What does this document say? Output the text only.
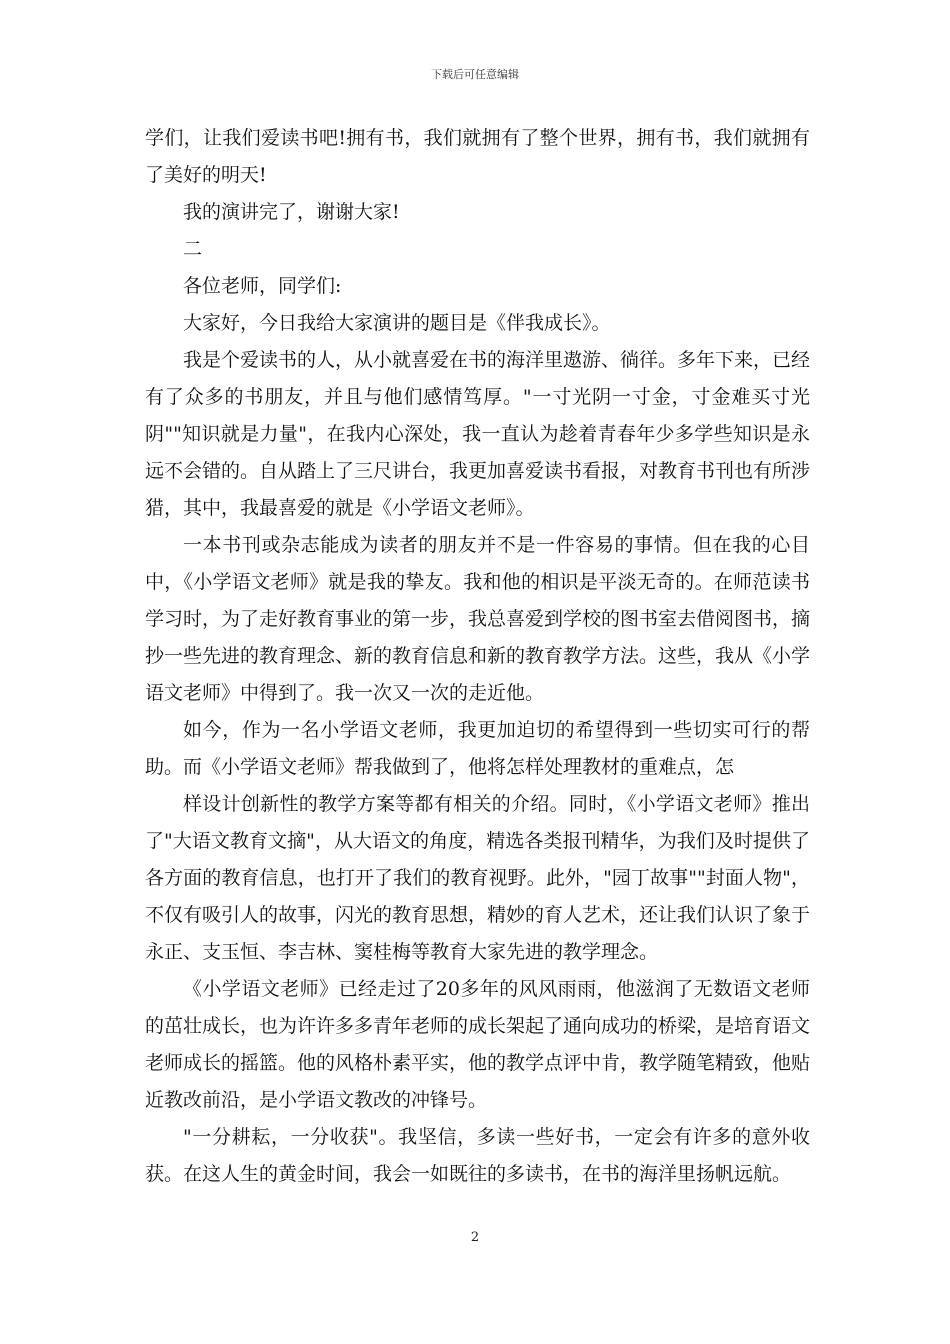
下载后可任意编辑

学们，让我们爱读书吧!拥有书，我们就拥有了整个世界，拥有书，我们就拥有了美好的明天!

我的演讲完了，谢谢大家!

二

各位老师，同学们:

大家好，今日我给大家演讲的题目是《伴我成长》。

我是个爱读书的人，从小就喜爱在书的海洋里遨游、徜徉。多年下来，已经有了众多的书朋友，并且与他们感情笃厚。"一寸光阴一寸金，寸金难买寸光阴""知识就是力量"，在我内心深处，我一直认为趁着青春年少多学些知识是永远不会错的。自从踏上了三尺讲台，我更加喜爱读书看报，对教育书刊也有所涉猎，其中，我最喜爱的就是《小学语文老师》。

一本书刊或杂志能成为读者的朋友并不是一件容易的事情。但在我的心目中，《小学语文老师》就是我的挚友。我和他的相识是平淡无奇的。在师范读书学习时，为了走好教育事业的第一步，我总喜爱到学校的图书室去借阅图书，摘抄一些先进的教育理念、新的教育信息和新的教育教学方法。这些，我从《小学语文老师》中得到了。我一次又一次的走近他。

如今，作为一名小学语文老师，我更加迫切的希望得到一些切实可行的帮助。而《小学语文老师》帮我做到了，他将怎样处理教材的重难点，怎

样设计创新性的教学方案等都有相关的介绍。同时，《小学语文老师》推出了"大语文教育文摘"，从大语文的角度，精选各类报刊精华，为我们及时提供了各方面的教育信息，也打开了我们的教育视野。此外，"园丁故事""封面人物"，不仅有吸引人的故事，闪光的教育思想，精妙的育人艺术，还让我们认识了象于永正、支玉恒、李吉林、窦桂梅等教育大家先进的教学理念。

《小学语文老师》已经走过了20多年的风风雨雨，他滋润了无数语文老师的茁壮成长，也为许许多多青年老师的成长架起了通向成功的桥梁，是培育语文老师成长的摇篮。他的风格朴素平实，他的教学点评中肯，教学随笔精致，他贴近教改前沿，是小学语文教改的冲锋号。

"一分耕耘，一分收获"。我坚信，多读一些好书，一定会有许多的意外收获。在这人生的黄金时间，我会一如既往的多读书，在书的海洋里扬帆远航。

2
